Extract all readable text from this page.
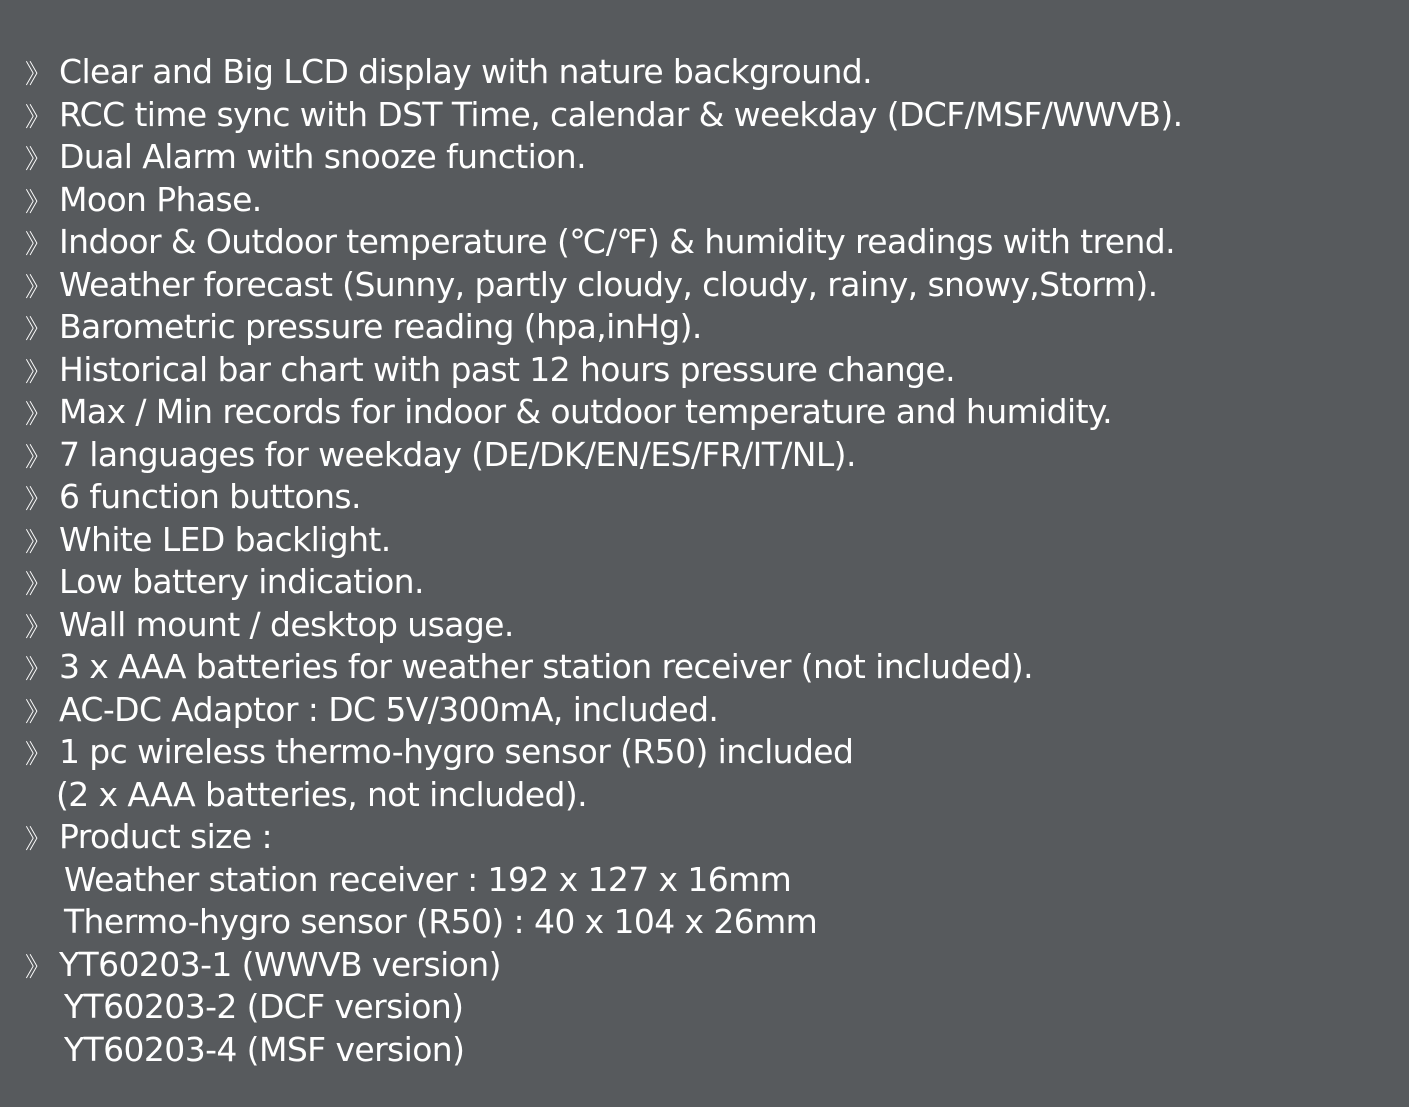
》 Clear and Big LCD display with nature background.
》 RCC time sync with DST Time, calendar & weekday (DCF/MSF/WWVB).
》 Dual Alarm with snooze function.
》 Moon Phase.
》 Indoor & Outdoor temperature (℃/℉) & humidity readings with trend.
》 Weather forecast (Sunny, partly cloudy, cloudy, rainy, snowy,Storm).
》 Barometric pressure reading (hpa,inHg).
》 Historical bar chart with past 12 hours pressure change.
》 Max / Min records for indoor & outdoor temperature and humidity.
》 7 languages for weekday (DE/DK/EN/ES/FR/IT/NL).
》 6 function buttons.
》 White LED backlight.
》 Low battery indication.
》 Wall mount / desktop usage.
》 3 x AAA batteries for weather station receiver (not included).
》 AC-DC Adaptor : DC 5V/300mA, included.
》 1 pc wireless thermo-hygro sensor (R50) included
(2 x AAA batteries, not included).
》 Product size :
Weather station receiver : 192 x 127 x 16mm
Thermo-hygro sensor (R50) : 40 x 104 x 26mm
》 YT60203-1 (WWVB version)
YT60203-2 (DCF version)
YT60203-4 (MSF version)
